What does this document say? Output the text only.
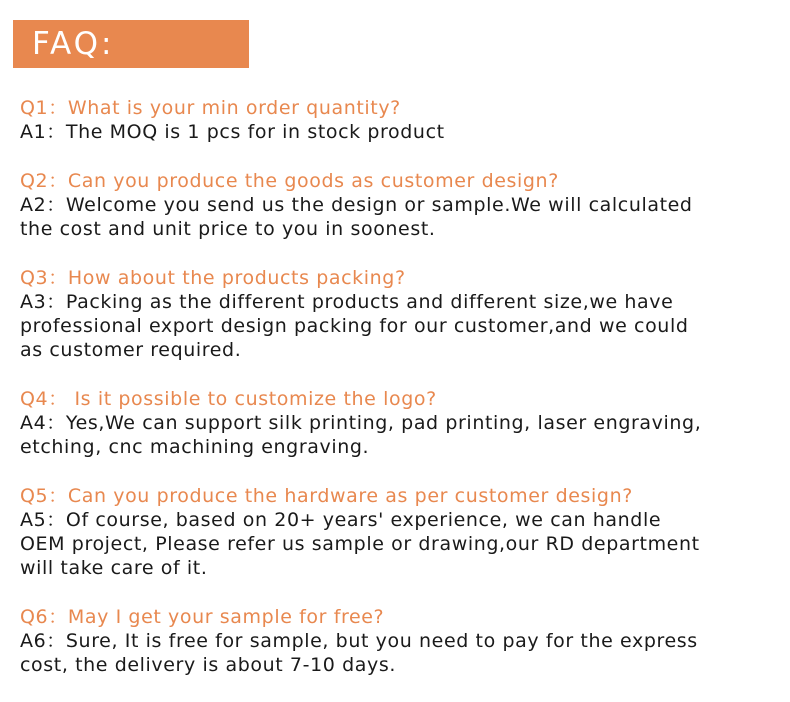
FAQ:
Q1：What is your min order quantity?
A1：The MOQ is 1 pcs for in stock product
Q2：Can you produce the goods as customer design?
A2：Welcome you send us the design or sample.We will calculated
the cost and unit price to you in soonest.
Q3：How about the products packing?
A3：Packing as the different products and different size,we have
professional export design packing for our customer,and we could
as customer required.
Q4： Is it possible to customize the logo?
A4：Yes,We can support silk printing, pad printing, laser engraving,
etching, cnc machining engraving.
Q5：Can you produce the hardware as per customer design?
A5：Of course, based on 20+ years' experience, we can handle
OEM project, Please refer us sample or drawing,our RD department
will take care of it.
Q6：May I get your sample for free?
A6：Sure, It is free for sample, but you need to pay for the express
cost, the delivery is about 7-10 days.
